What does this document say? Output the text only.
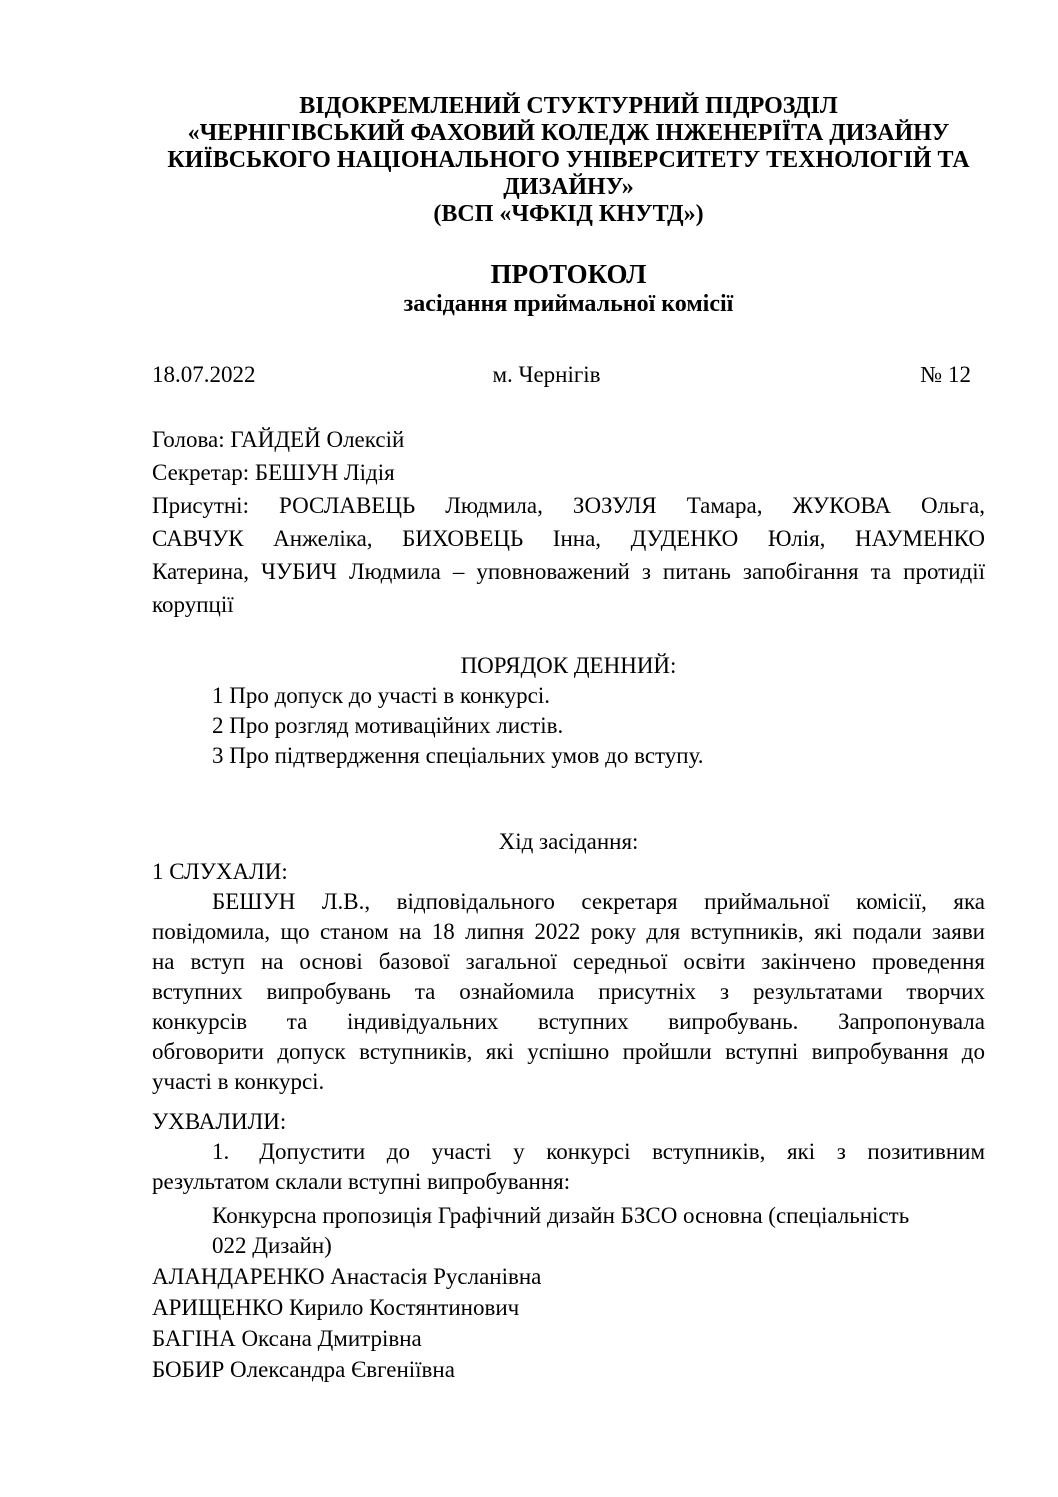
ВІДОКРЕМЛЕНИЙ СТУКТУРНИЙ ПІДРОЗДІЛ
«ЧЕРНІГІВСЬКИЙ ФАХОВИЙ КОЛЕДЖ ІНЖЕНЕРІЇТА ДИЗАЙНУ
КИЇВСЬКОГО НАЦІОНАЛЬНОГО УНІВЕРСИТЕТУ ТЕХНОЛОГІЙ ТА
ДИЗАЙНУ»
(ВСП «ЧФКІД КНУТД»)
ПРОТОКОЛ
засідання приймальної комісії
18.07.2022	м. Чернігів	№ 12
Голова: ГАЙДЕЙ Олексій
Секретар: БЕШУН Лідія
Присутні: РОСЛАВЕЦЬ Людмила, ЗОЗУЛЯ Тамара, ЖУКОВА Ольга,
САВЧУК Анжеліка, БИХОВЕЦЬ Інна, ДУДЕНКО Юлія, НАУМЕНКО
Катерина, ЧУБИЧ Людмила – уповноважений з питань запобігання та протидії
корупції
ПОРЯДОК ДЕННИЙ:
1 Про допуск до участі в конкурсі.
2 Про розгляд мотиваційних листів.
3 Про підтвердження спеціальних умов до вступу.
Хід засідання:
1 СЛУХАЛИ:
БЕШУН Л.В., відповідального секретаря приймальної комісії, яка
повідомила, що станом на 18 липня 2022 року для вступників, які подали заяви
на вступ на основі базової загальної середньої освіти закінчено проведення
вступних випробувань та ознайомила присутніх з результатами творчих
конкурсів та індивідуальних вступних випробувань. Запропонувала
обговорити допуск вступників, які успішно пройшли вступні випробування до
участі в конкурсі.
УХВАЛИЛИ:
1. Допустити до участі у конкурсі вступників, які з позитивним
результатом склали вступні випробування:
Конкурсна пропозиція Графічний дизайн БЗСО основна (спеціальність
022 Дизайн)
АЛАНДАРЕНКО Анастасія Русланівна
АРИЩЕНКО Кирило Костянтинович
БАГІНА Оксана Дмитрівна
БОБИР Олександра Євгеніївна
